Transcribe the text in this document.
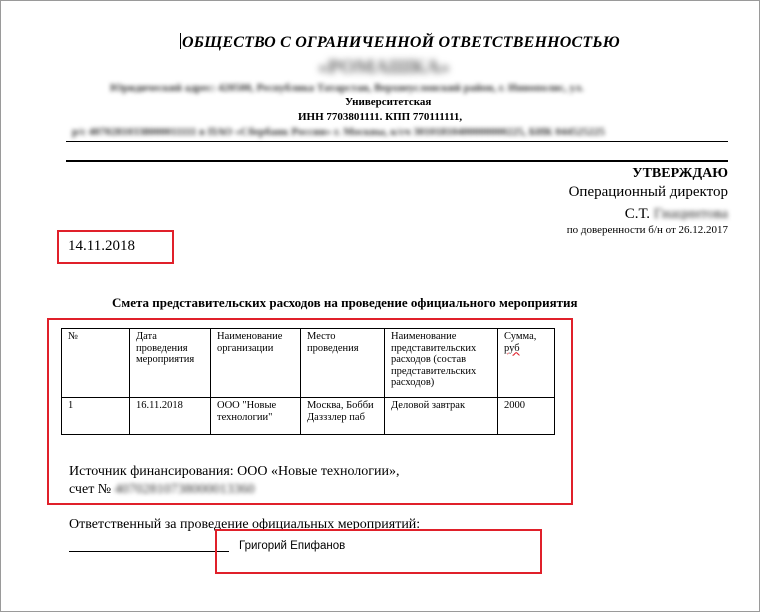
ОБЩЕСТВО С ОГРАНИЧЕННОЙ ОТВЕТСТВЕННОСТЬЮ
«РОМАШКА»
Юридический адрес: 420500, Республика Татарстан, Верхнеуслонский район, г. Иннополис, ул.
Университетская
ИНН 7703801111. КПП 770111111,
р/с 40702810338000011111 в ПАО «Сбербанк России» г. Москвы, к/сч 30101810400000000225, БИК 044525225
УТВЕРЖДАЮ
Операционный директор
С.Т. Гиацинтова
по доверенности б/н от 26.12.2017
14.11.2018
Смета представительских расходов на проведение официального мероприятия
№	Дата проведения мероприятия	Наименование организации	Место проведения	Наименование представительских расходов (состав представительских расходов)	Сумма,
руб
1	16.11.2018	ООО "Новые технологии"	Москва, Бобби Дазззлер паб	Деловой завтрак	2000
Источник финансирования: ООО «Новые технологии»,
счет № 40702810738000013360
Ответственный за проведение официальных мероприятий:
Григорий Епифанов
